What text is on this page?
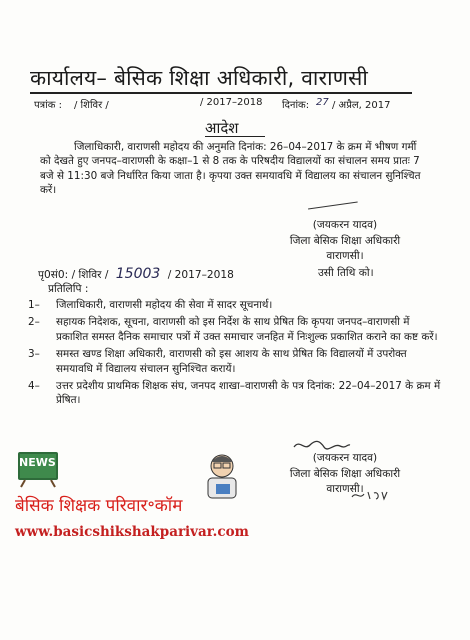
कार्यालय– बेसिक शिक्षा अधिकारी, वाराणसी
पत्रांक : / शिविर /	/ 2017–2018 दिनांक: 27 / अप्रैल, 2017
आदेश
जिलाधिकारी, वाराणसी महोदय की अनुमति दिनांक: 26–04–2017 के क्रम में भीषण गर्मी को देखते हुए जनपद–वाराणसी के कक्षा–1 से 8 तक के परिषदीय विद्यालयों का संचालन समय प्रातः 7 बजे से 11:30 बजे निर्धारित किया जाता है। कृपया उक्त समयावधि में विद्यालय का संचालन सुनिश्चित करें।
(जयकरन यादव)
जिला बेसिक शिक्षा अधिकारी
वाराणसी।
पृ0सं0: / शिविर / 15003 / 2017–2018	उसी तिथि को।
प्रतिलिपि :
1–	जिलाधिकारी, वाराणसी महोदय की सेवा में सादर सूचनार्थ।
2–	सहायक निदेशक, सूचना, वाराणसी को इस निर्देश के साथ प्रेषित कि कृपया जनपद–वाराणसी में प्रकाशित समस्त दैनिक समाचार पत्रों में उक्त समाचार जनहित में निःशुल्क प्रकाशित कराने का कष्ट करें।
3–	समस्त खण्ड शिक्षा अधिकारी, वाराणसी को इस आशय के साथ प्रेषित कि विद्यालयों में उपरोक्त समयावधि में विद्यालय संचालन सुनिश्चित करायें।
4–	उत्तर प्रदेशीय प्राथमिक शिक्षक संघ, जनपद शाखा–वाराणसी के पत्र दिनांक: 22–04–2017 के क्रम में प्रेषित।
(जयकरन यादव)
जिला बेसिक शिक्षा अधिकारी
वाराणसी।
NEWS
बेसिक शिक्षक परिवार॰कॉम
www.basicshikshakparivar.com
